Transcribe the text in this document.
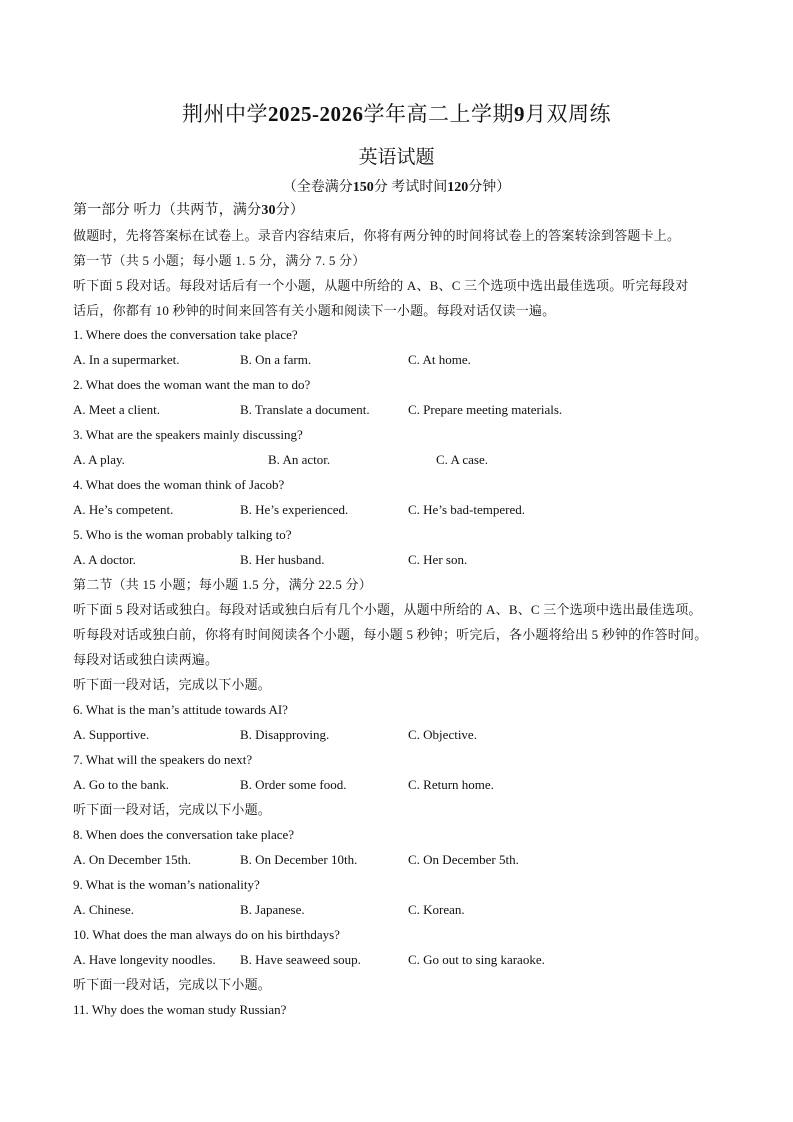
荆州中学2025-2026学年高二上学期9月双周练
英语试题
（全卷满分150分 考试时间120分钟）
第一部分 听力（共两节，满分30分）
做题时，先将答案标在试卷上。录音内容结束后，你将有两分钟的时间将试卷上的答案转涂到答题卡上。
第一节（共 5 小题；每小题 1. 5 分，满分 7. 5 分）
听下面 5 段对话。每段对话后有一个小题，从题中所给的 A、B、C 三个选项中选出最佳选项。听完每段对
话后，你都有 10 秒钟的时间来回答有关小题和阅读下一小题。每段对话仅读一遍。
1. Where does the conversation take place?
A. In a supermarket.	B. On a farm.	C. At home.
2. What does the woman want the man to do?
A. Meet a client.	B. Translate a document.	C. Prepare meeting materials.
3. What are the speakers mainly discussing?
A. A play.	B. An actor.	C. A case.
4. What does the woman think of Jacob?
A. He’s competent.	B. He’s experienced.	C. He’s bad-tempered.
5. Who is the woman probably talking to?
A. A doctor.	B. Her husband.	C. Her son.
第二节（共 15 小题；每小题 1.5 分，满分 22.5 分）
听下面 5 段对话或独白。每段对话或独白后有几个小题，从题中所给的 A、B、C 三个选项中选出最佳选项。
听每段对话或独白前，你将有时间阅读各个小题，每小题 5 秒钟；听完后，各小题将给出 5 秒钟的作答时间。
每段对话或独白读两遍。
听下面一段对话，完成以下小题。
6. What is the man’s attitude towards AI?
A. Supportive.	B. Disapproving.	C. Objective.
7. What will the speakers do next?
A. Go to the bank.	B. Order some food.	C. Return home.
听下面一段对话，完成以下小题。
8. When does the conversation take place?
A. On December 15th.	B. On December 10th.	C. On December 5th.
9. What is the woman’s nationality?
A. Chinese.	B. Japanese.	C. Korean.
10. What does the man always do on his birthdays?
A. Have longevity noodles. B. Have seaweed soup.	C. Go out to sing karaoke.
听下面一段对话，完成以下小题。
11. Why does the woman study Russian?
